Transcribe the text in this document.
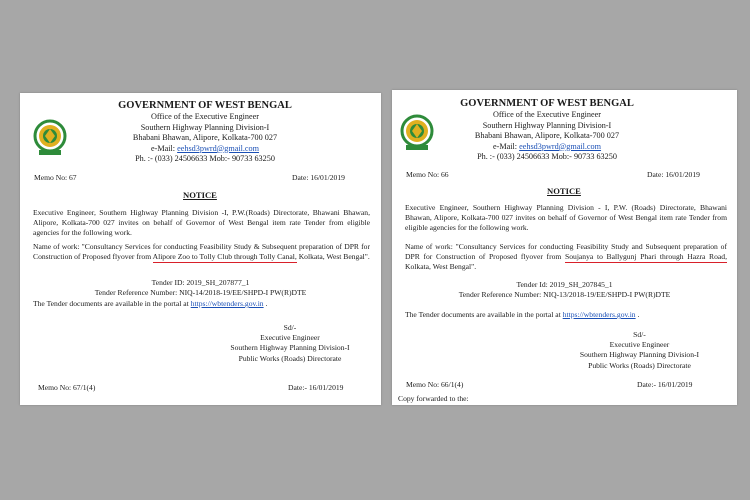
GOVERNMENT OF WEST BENGAL
Office of the Executive Engineer
Southern Highway Planning Division-I
Bhabani Bhawan, Alipore, Kolkata-700 027
e-Mail: eehsd3pwrd@gmail.com
Ph. :- (033) 24506633 Mob:- 90733 63250
Memo No: 67	Date: 16/01/2019
NOTICE
Executive Engineer, Southern Highway Planning Division -I, P.W.(Roads) Directorate, Bhawani Bhawan, Alipore, Kolkata-700 027 invites on behalf of Governor of West Bengal item rate Tender from eligible agencies for the following work.
Name of work: "Consultancy Services for conducting Feasibility Study & Subsequent preparation of DPR for Construction of Proposed flyover from Alipore Zoo to Tolly Club through Tolly Canal, Kolkata, West Bengal".
Tender ID: 2019_SH_207877_1
Tender Reference Number: NIQ-14/2018-19/EE/SHPD-I PW(R)DTE
The Tender documents are available in the portal at https://wbtenders.gov.in .
Sd/-
Executive Engineer
Southern Highway Planning Division-I
Public Works (Roads) Directorate
Memo No: 67/1(4)	Date:- 16/01/2019
GOVERNMENT OF WEST BENGAL
Office of the Executive Engineer
Southern Highway Planning Division-I
Bhabani Bhawan, Alipore, Kolkata-700 027
e-Mail: eehsd3pwrd@gmail.com
Ph. :- (033) 24506633 Mob:- 90733 63250
Memo No: 66	Date: 16/01/2019
NOTICE
Executive Engineer, Southern Highway Planning Division - I, P.W. (Roads) Directorate, Bhawani Bhawan, Alipore, Kolkata-700 027 invites on behalf of Governor of West Bengal item rate Tender from eligible agencies for the following work.
Name of work: "Consultancy Services for conducting Feasibility Study and Subsequent preparation of DPR for Construction of Proposed flyover from Soujanya to Ballygunj Phari through Hazra Road, Kolkata, West Bengal".
Tender Id: 2019_SH_207845_1
Tender Reference Number: NIQ-13/2018-19/EE/SHPD-I PW(R)DTE
The Tender documents are available in the portal at https://wbtenders.gov.in .
Sd/-
Executive Engineer
Southern Highway Planning Division-I
Public Works (Roads) Directorate
Memo No: 66/1(4)	Date:- 16/01/2019
Copy forwarded to the:
